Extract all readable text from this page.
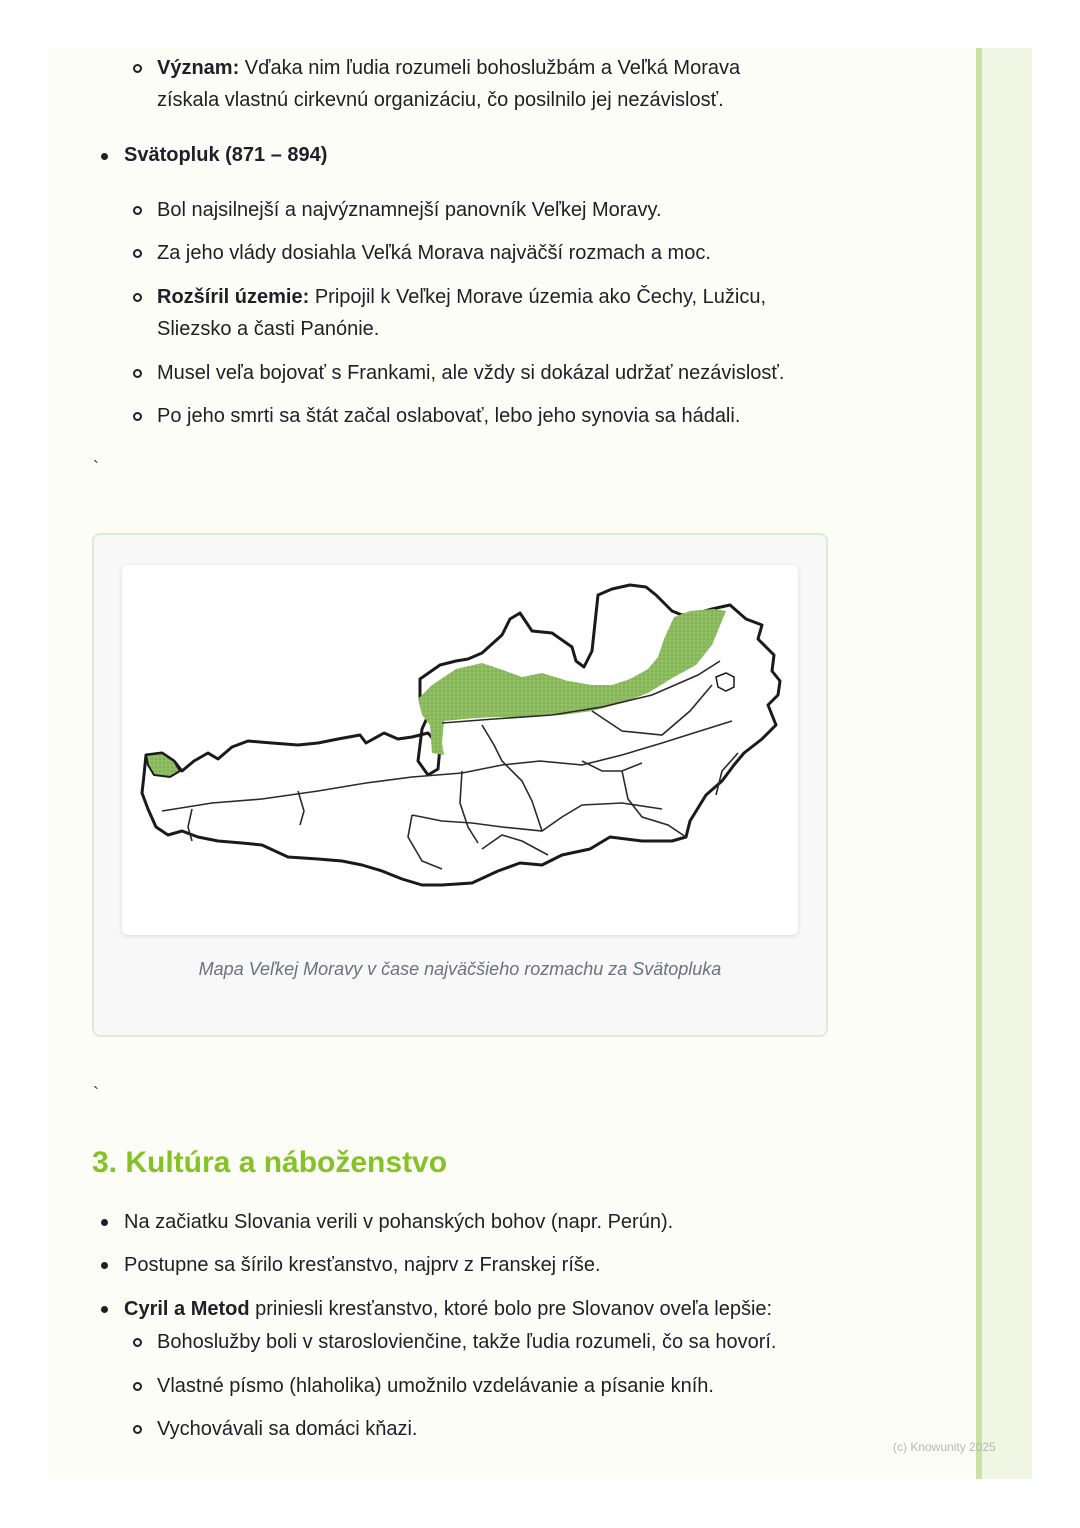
Význam: Vďaka nim ľudia rozumeli bohoslužbám a Veľká Morava
získala vlastnú cirkevnú organizáciu, čo posilnilo jej nezávislosť.
Svätopluk (871 – 894)
Bol najsilnejší a najvýznamnejší panovník Veľkej Moravy.
Za jeho vlády dosiahla Veľká Morava najväčší rozmach a moc.
Rozšíril územie: Pripojil k Veľkej Morave územia ako Čechy, Lužicu,
Sliezsko a časti Panónie.
Musel veľa bojovať s Frankami, ale vždy si dokázal udržať nezávislosť.
Po jeho smrti sa štát začal oslabovať, lebo jeho synovia sa hádali.
`
Mapa Veľkej Moravy v čase najväčšieho rozmachu za Svätopluka
`
3. Kultúra a náboženstvo
Na začiatku Slovania verili v pohanských bohov (napr. Perún).
Postupne sa šírilo kresťanstvo, najprv z Franskej ríše.
Cyril a Metod priniesli kresťanstvo, ktoré bolo pre Slovanov oveľa lepšie:
Bohoslužby boli v staroslovienčine, takže ľudia rozumeli, čo sa hovorí.
Vlastné písmo (hlaholika) umožnilo vzdelávanie a písanie kníh.
Vychovávali sa domáci kňazi.
(c) Knowunity 2025
